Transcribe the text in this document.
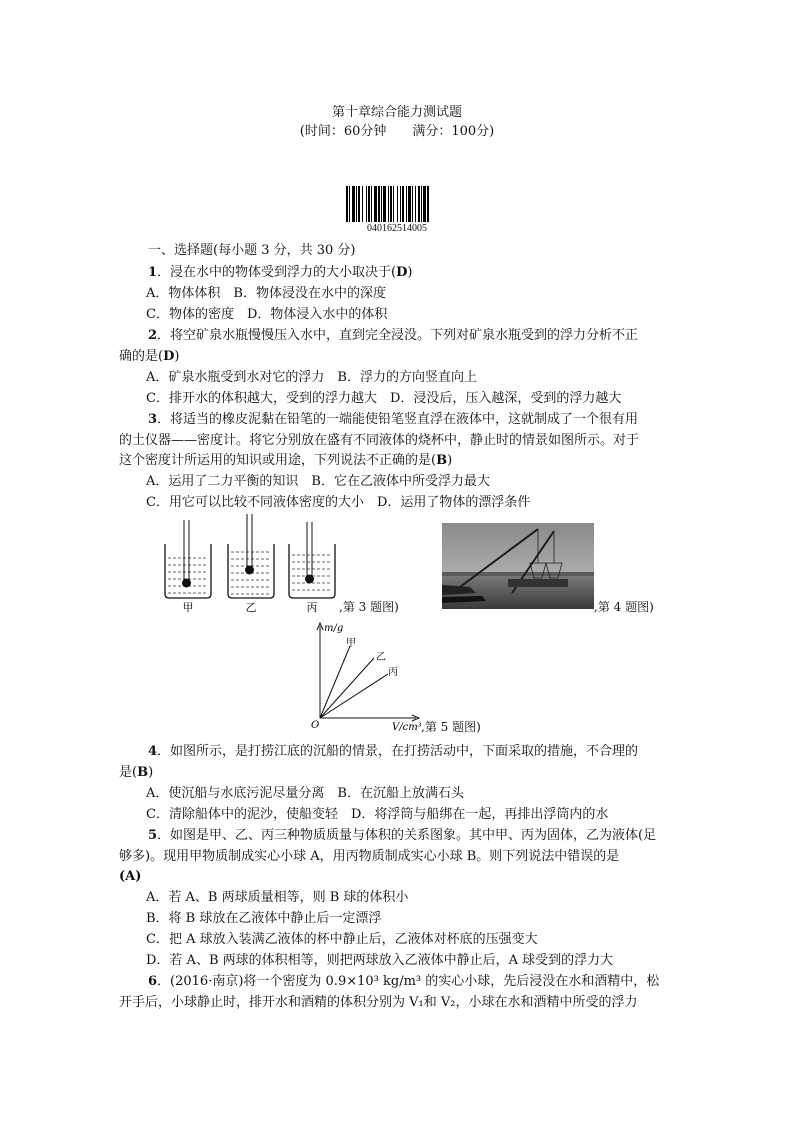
第十章综合能力测试题
(时间：60分钟　　满分：100分)
040162514005
一、选择题(每小题 3 分，共 30 分)
1．浸在水中的物体受到浮力的大小取决于(D)
A．物体体积　B．物体浸没在水中的深度
C．物体的密度　D．物体浸入水中的体积
2．将空矿泉水瓶慢慢压入水中，直到完全浸没。下列对矿泉水瓶受到的浮力分析不正
确的是(D)
A．矿泉水瓶受到水对它的浮力　B．浮力的方向竖直向上
C．排开水的体积越大，受到的浮力越大　D．浸没后，压入越深，受到的浮力越大
3．将适当的橡皮泥黏在铅笔的一端能使铅笔竖直浮在液体中，这就制成了一个很有用
的土仪器——密度计。将它分别放在盛有不同液体的烧杯中，静止时的情景如图所示。对于
这个密度计所运用的知识或用途，下列说法不正确的是(B)
A．运用了二力平衡的知识　B．它在乙液体中所受浮力最大
C．用它可以比较不同液体密度的大小　D．运用了物体的漂浮条件
甲	乙	丙 ,第 3 题图)	,第 4 题图)
m/g
V/cm³
O
甲
乙
丙
,第 5 题图)
4．如图所示，是打捞江底的沉船的情景，在打捞活动中，下面采取的措施，不合理的
是(B)
A．使沉船与水底污泥尽量分离　B．在沉船上放满石头
C．清除船体中的泥沙，使船变轻　D．将浮筒与船绑在一起，再排出浮筒内的水
5．如图是甲、乙、丙三种物质质量与体积的关系图象。其中甲、丙为固体，乙为液体(足
够多)。现用甲物质制成实心小球 A，用丙物质制成实心小球 B。则下列说法中错误的是
(A)
A．若 A、B 两球质量相等，则 B 球的体积小
B．将 B 球放在乙液体中静止后一定漂浮
C．把 A 球放入装满乙液体的杯中静止后，乙液体对杯底的压强变大
D．若 A、B 两球的体积相等，则把两球放入乙液体中静止后，A 球受到的浮力大
6．(2016·南京)将一个密度为 0.9×10³ kg/m³ 的实心小球，先后浸没在水和酒精中，松
开手后，小球静止时，排开水和酒精的体积分别为 V₁和 V₂，小球在水和酒精中所受的浮力
